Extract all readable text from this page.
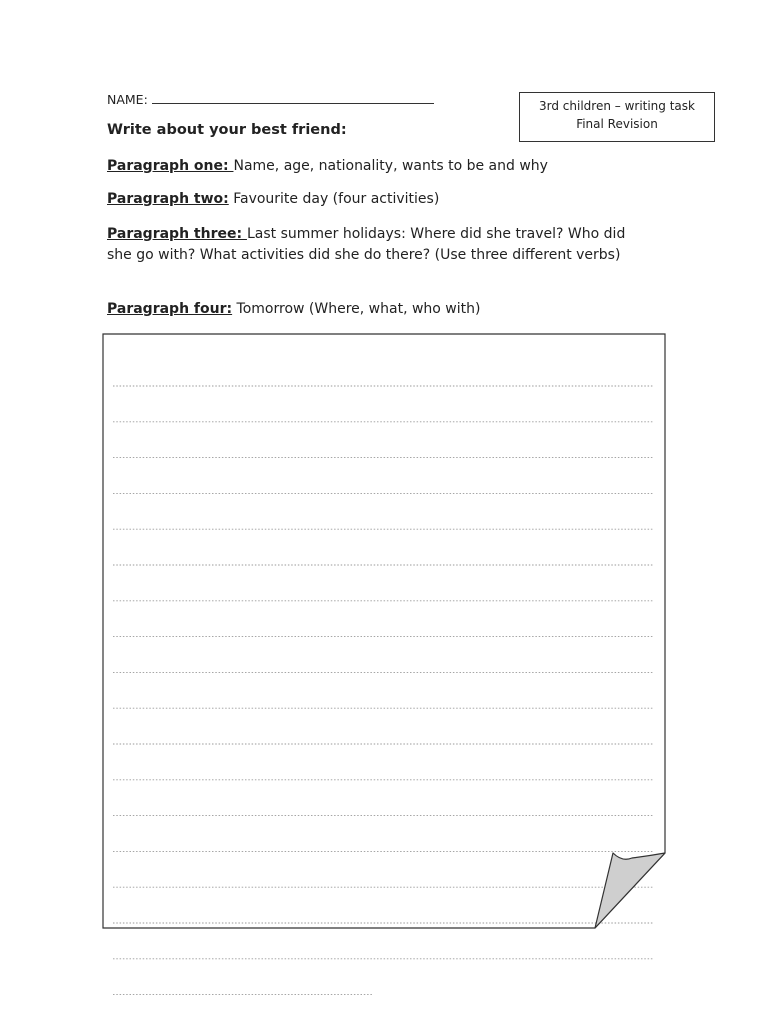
NAME:	3rd children – writing task
Final Revision
Write about your best friend:
Paragraph one: Name, age, nationality, wants to be and why
Paragraph two: Favourite day (four activities)
Paragraph three: Last summer holidays: Where did she travel? Who did she go with? What activities did she do there? (Use three different verbs)
Paragraph four: Tomorrow (Where, what, who with)
